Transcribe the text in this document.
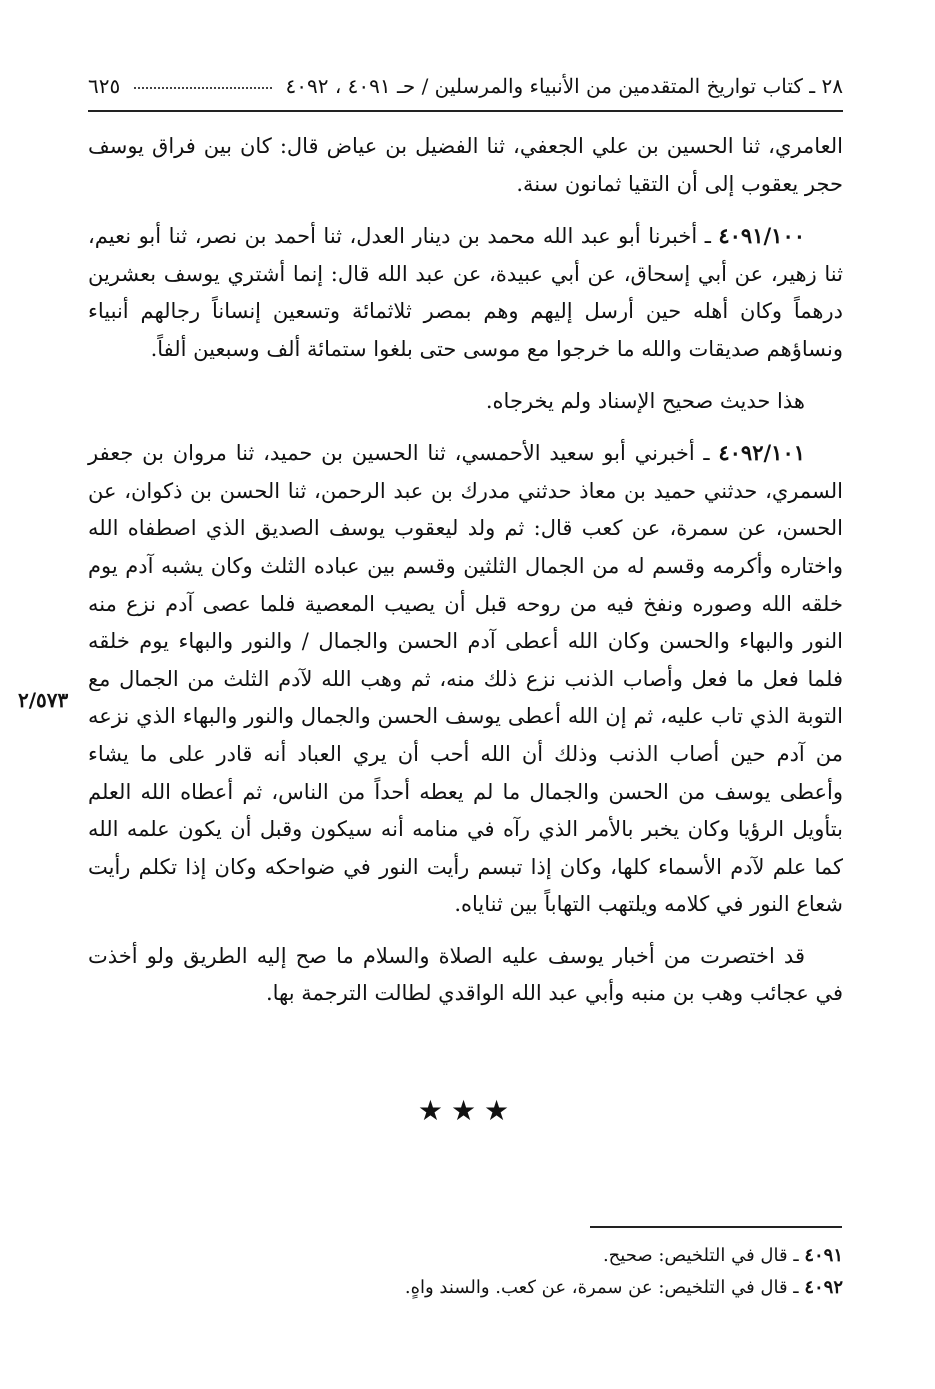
٢٨ ـ كتاب تواريخ المتقدمين من الأنبياء والمرسلين / حـ ٤٠٩١ ، ٤٠٩٢
٦٢٥

العامري، ثنا الحسين بن علي الجعفي، ثنا الفضيل بن عياض قال: كان بين فراق يوسف حجر يعقوب إلى أن التقيا ثمانون سنة.

٤٠٩١/١٠٠ ـ أخبرنا أبو عبد الله محمد بن دينار العدل، ثنا أحمد بن نصر، ثنا أبو نعيم، ثنا زهير، عن أبي إسحاق، عن أبي عبيدة، عن عبد الله قال: إنما أشتري يوسف بعشرين درهماً وكان أهله حين أرسل إليهم وهم بمصر ثلاثمائة وتسعين إنساناً رجالهم أنبياء ونساؤهم صديقات والله ما خرجوا مع موسى حتى بلغوا ستمائة ألف وسبعين ألفاً.

هذا حديث صحيح الإسناد ولم يخرجاه.

٤٠٩٢/١٠١ ـ أخبرني أبو سعيد الأحمسي، ثنا الحسين بن حميد، ثنا مروان بن جعفر السمري، حدثني حميد بن معاذ حدثني مدرك بن عبد الرحمن، ثنا الحسن بن ذكوان، عن الحسن، عن سمرة، عن كعب قال: ثم ولد ليعقوب يوسف الصديق الذي اصطفاه الله واختاره وأكرمه وقسم له من الجمال الثلثين وقسم بين عباده الثلث وكان يشبه آدم يوم خلقه الله وصوره ونفخ فيه من روحه قبل أن يصيب المعصية فلما عصى آدم نزع منه النور والبهاء والحسن وكان الله أعطى آدم الحسن والجمال / والنور والبهاء يوم خلقه فلما فعل ما فعل وأصاب الذنب نزع ذلك منه، ثم وهب الله لآدم الثلث من الجمال مع التوبة الذي تاب عليه، ثم إن الله أعطى يوسف الحسن والجمال والنور والبهاء الذي نزعه من آدم حين أصاب الذنب وذلك أن الله أحب أن يري العباد أنه قادر على ما يشاء وأعطى يوسف من الحسن والجمال ما لم يعطه أحداً من الناس، ثم أعطاه الله العلم بتأويل الرؤيا وكان يخبر بالأمر الذي رآه في منامه أنه سيكون وقبل أن يكون علمه الله كما علم لآدم الأسماء كلها، وكان إذا تبسم رأيت النور في ضواحكه وكان إذا تكلم رأيت شعاع النور في كلامه ويلتهب التهاباً بين ثناياه.

قد اختصرت من أخبار يوسف عليه الصلاة والسلام ما صح إليه الطريق ولو أخذت في عجائب وهب بن منبه وأبي عبد الله الواقدي لطالت الترجمة بها.

٢/٥٧٣
★★★
٤٠٩١ ـ قال في التلخيص: صحيح.
٤٠٩٢ ـ قال في التلخيص: عن سمرة، عن كعب. والسند واهٍ.
